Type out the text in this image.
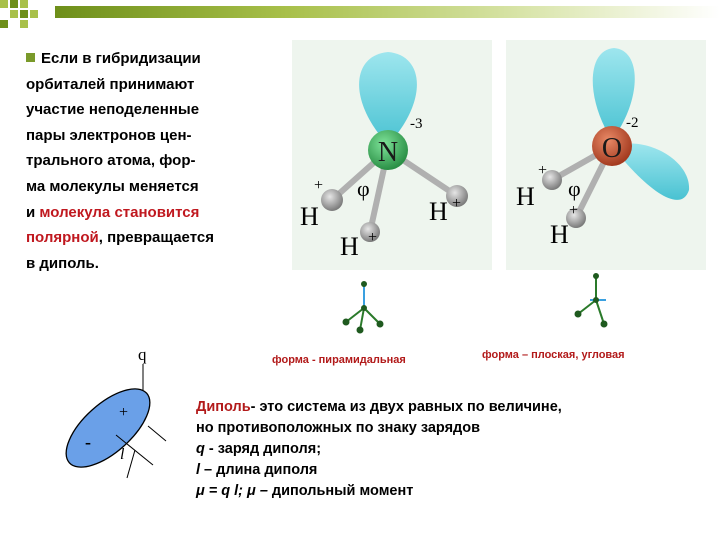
Если в гибридизации
орбиталей принимают
участие неподеленные
пары электронов цен-
трального атома, фор-
ма молекулы меняется
и молекула становится
полярной, превращается
в диполь.
N
-3
H
+
H +
H +
φ
O
-2
H
+
H
+
φ
форма - пирамидальная	форма – плоская, угловая
q
+
-
l
Диполь- это система из двух равных по величине,
но противоположных по знаку зарядов
q - заряд диполя;
l – длина диполя
μ = q l; μ – дипольный момент
